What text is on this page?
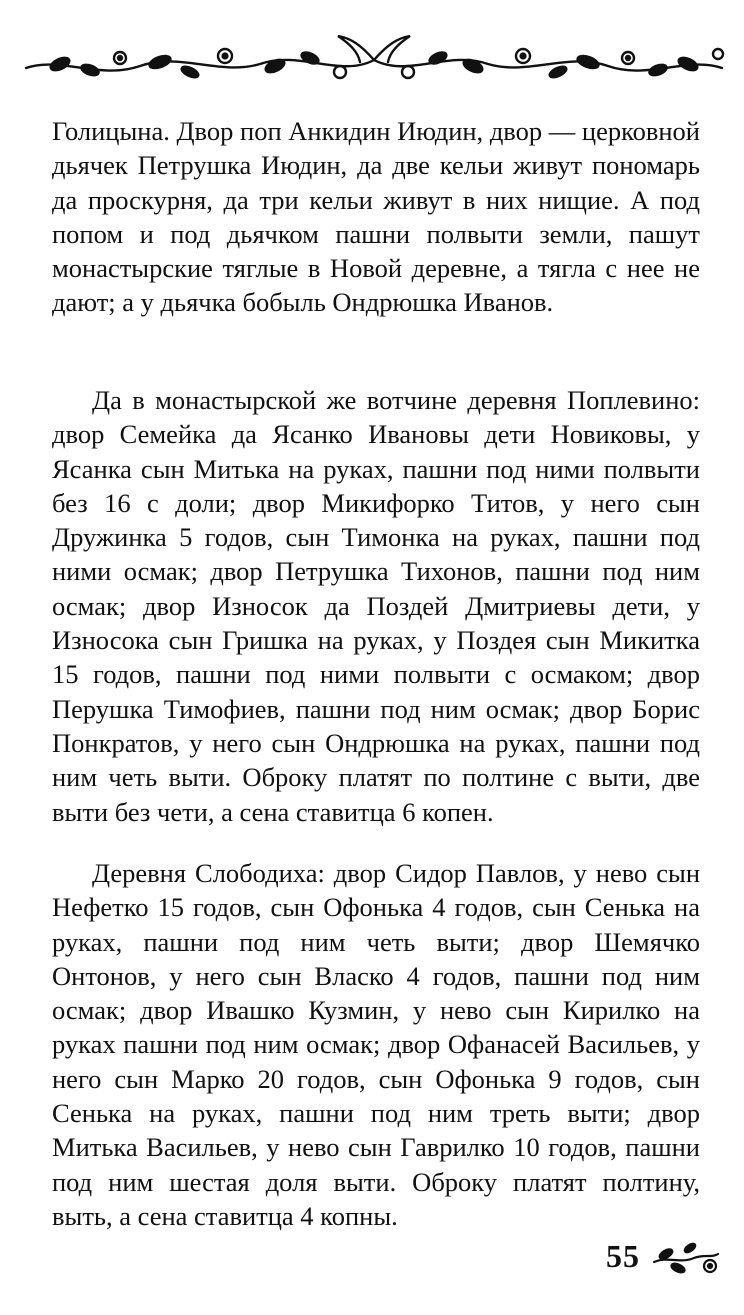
Голицына. Двор поп Анкидин Июдин, двор — церковной дьячек Петрушка Июдин, да две кельи живут пономарь да проскурня, да три кельи живут в них нищие. А под попом и под дьячком пашни полвыти земли, пашут монастырские тяглые в Новой деревне, а тягла с нее не дают; а у дьячка бобыль Ондрюшка Иванов.

Да в монастырской же вотчине деревня Поплевино: двор Семейка да Ясанко Ивановы дети Новиковы, у Ясанка сын Митька на руках, пашни под ними полвыти без 16 с доли; двор Микифорко Титов, у него сын Дружинка 5 годов, сын Тимонка на руках, пашни под ними осмак; двор Петрушка Тихонов, пашни под ним осмак; двор Износок да Поздей Дмитриевы дети, у Износока сын Гришка на руках, у Поздея сын Микитка 15 годов, пашни под ними полвыти с осмаком; двор Перушка Тимофиев, пашни под ним осмак; двор Борис Понкратов, у него сын Ондрюшка на руках, пашни под ним четь выти. Оброку платят по полтине с выти, две выти без чети, а сена ставитца 6 копен.

Деревня Слободиха: двор Сидор Павлов, у нево сын Нефетко 15 годов, сын Офонька 4 годов, сын Сенька на руках, пашни под ним четь выти; двор Шемячко Онтонов, у него сын Власко 4 годов, пашни под ним осмак; двор Ивашко Кузмин, у нево сын Кирилко на руках пашни под ним осмак; двор Офанасей Васильев, у него сын Марко 20 годов, сын Офонька 9 годов, сын Сенька на руках, пашни под ним треть выти; двор Митька Васильев, у нево сын Гаврилко 10 годов, пашни под ним шестая доля выти. Оброку платят полтину, выть, а сена ставитца 4 копны.

55
